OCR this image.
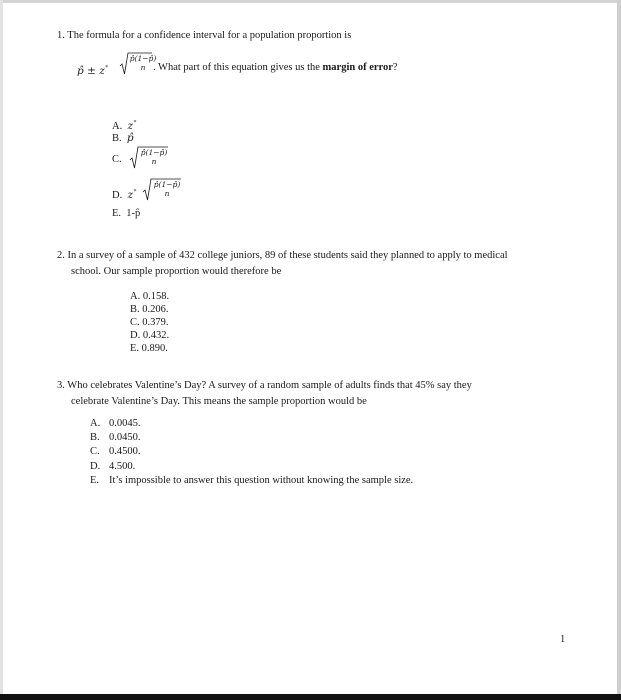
1. The formula for a confidence interval for a population proportion is
p̂ ± z*
p̂(1−p̂)
n . What part of this equation gives us the margin of error?
A. z*
B. p̂
C.
p̂(1−p̂)
n
D. z*
p̂(1−p̂)
n
E. 1-p̂
2. In a survey of a sample of 432 college juniors, 89 of these students said they planned to apply to medical
school. Our sample proportion would therefore be
A. 0.158.
B. 0.206.
C. 0.379.
D. 0.432.
E. 0.890.
3. Who celebrates Valentine’s Day? A survey of a random sample of adults finds that 45% say they
celebrate Valentine’s Day. This means the sample proportion would be
A. 0.0045.
B. 0.0450.
C. 0.4500.
D. 4.500.
E. It’s impossible to answer this question without knowing the sample size.
1
